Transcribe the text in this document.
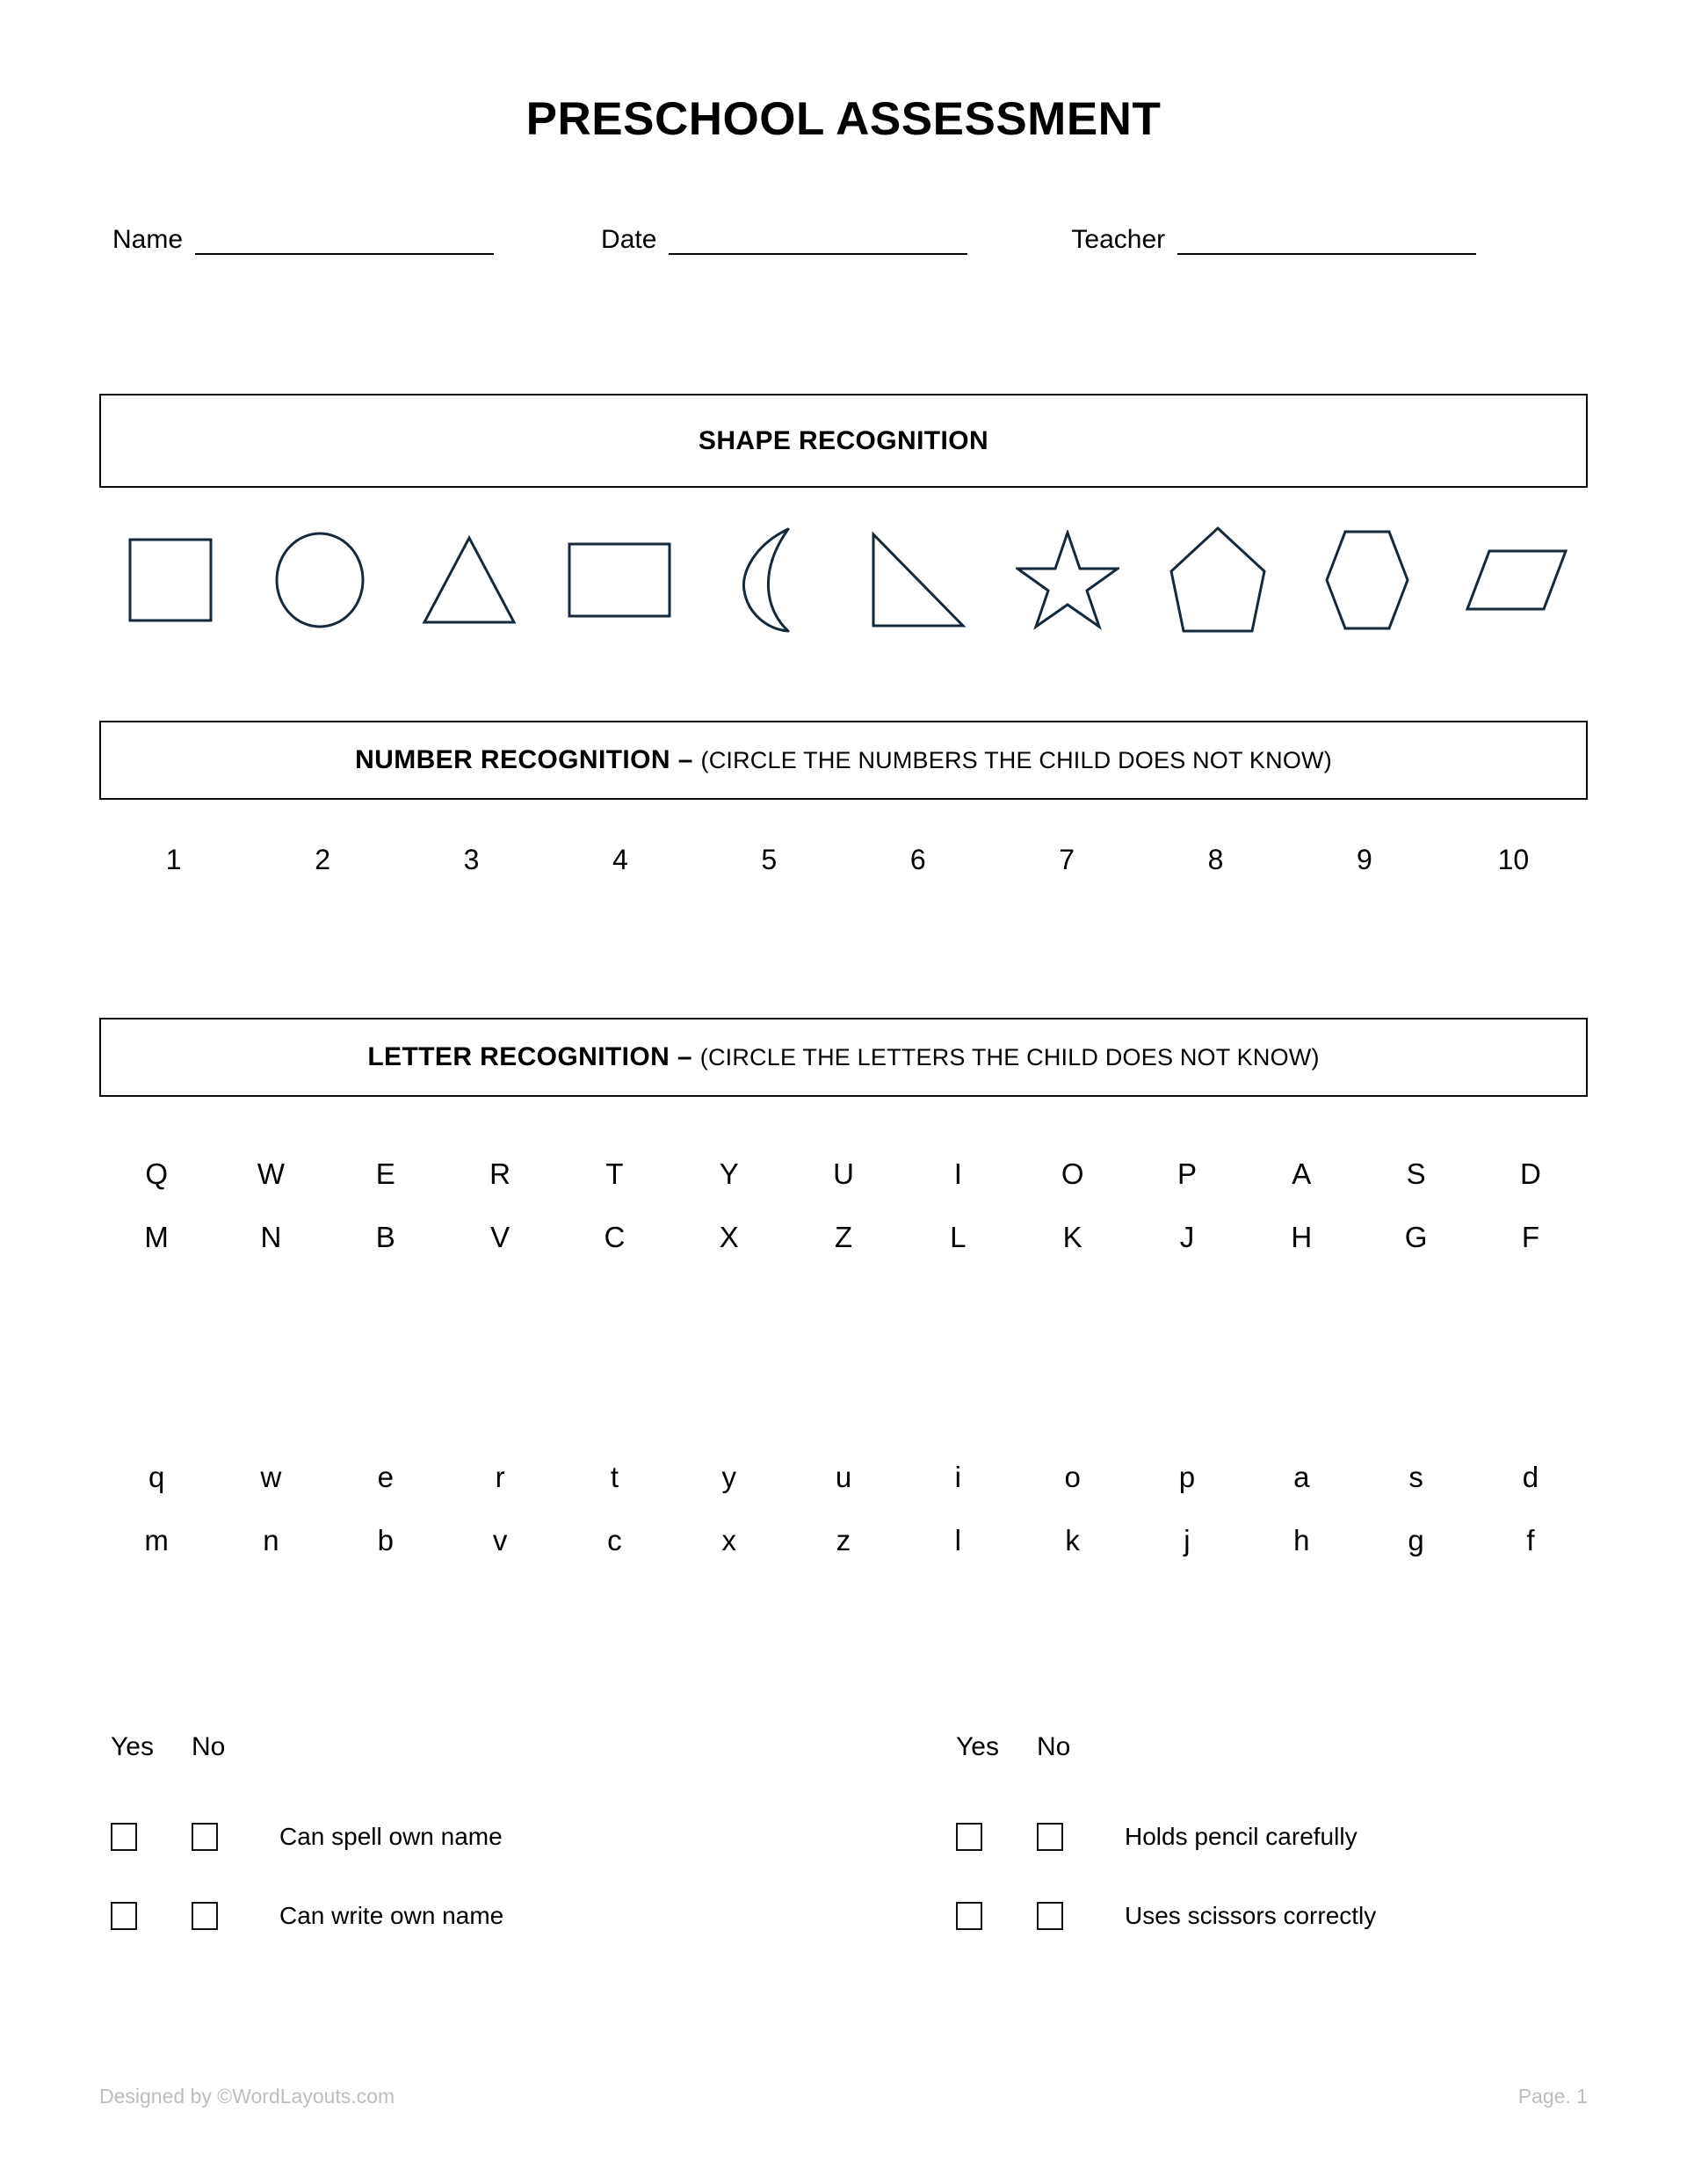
PRESCHOOL ASSESSMENT
Name	Date	Teacher
SHAPE RECOGNITION
NUMBER RECOGNITION – (CIRCLE THE NUMBERS THE CHILD DOES NOT KNOW)
1	2	3	4	5	6	7	8	9	10
LETTER RECOGNITION – (CIRCLE THE LETTERS THE CHILD DOES NOT KNOW)
Q	W	E	R	T	Y	U	I	O	P	A	S	D
M	N	B	V	C	X	Z	L	K	J	H	G	F
q	w	e	r	t	y	u	i	o	p	a	s	d
m	n	b	v	c	x	z	l	k	j	h	g	f
Yes	No
Can spell own name
Can write own name
Yes	No
Holds pencil carefully
Uses scissors correctly
Designed by ©WordLayouts.com	Page. 1
